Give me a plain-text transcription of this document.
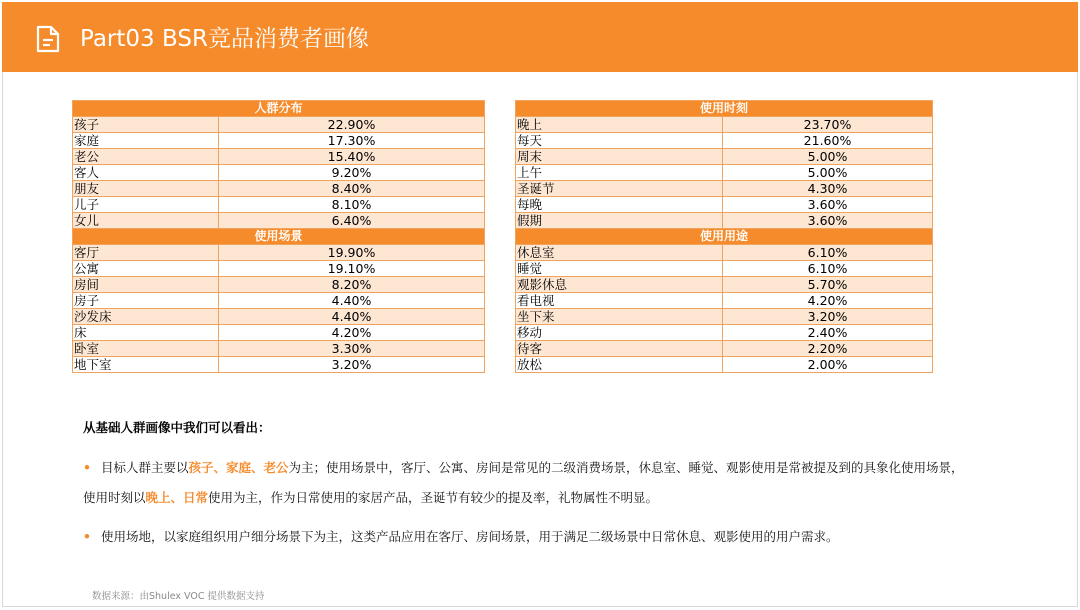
Part03 BSR竞品消费者画像
人群分布	
孩子	22.90%
家庭	17.30%
老公	15.40%
客人	9.20%
朋友	8.40%
儿子	8.10%
女儿	6.40%
使用场景	
客厅	19.90%
公寓	19.10%
房间	8.20%
房子	4.40%
沙发床	4.40%
床	4.20%
卧室	3.30%
地下室	3.20%
使用时刻	
晚上	23.70%
每天	21.60%
周末	5.00%
上午	5.00%
圣诞节	4.30%
每晚	3.60%
假期	3.60%
使用用途	
休息室	6.10%
睡觉	6.10%
观影休息	5.70%
看电视	4.20%
坐下来	3.20%
移动	2.40%
待客	2.20%
放松	2.00%
从基础人群画像中我们可以看出：
• 目标人群主要以孩子、家庭、老公为主；使用场景中，客厅、公寓、房间是常见的二级消费场景，休息室、睡觉、观影使用是常被提及到的具象化使用场景，
使用时刻以晚上、日常使用为主，作为日常使用的家居产品，圣诞节有较少的提及率，礼物属性不明显。
• 使用场地，以家庭组织用户细分场景下为主，这类产品应用在客厅、房间场景，用于满足二级场景中日常休息、观影使用的用户需求。
数据来源：由Shulex VOC 提供数据支持
